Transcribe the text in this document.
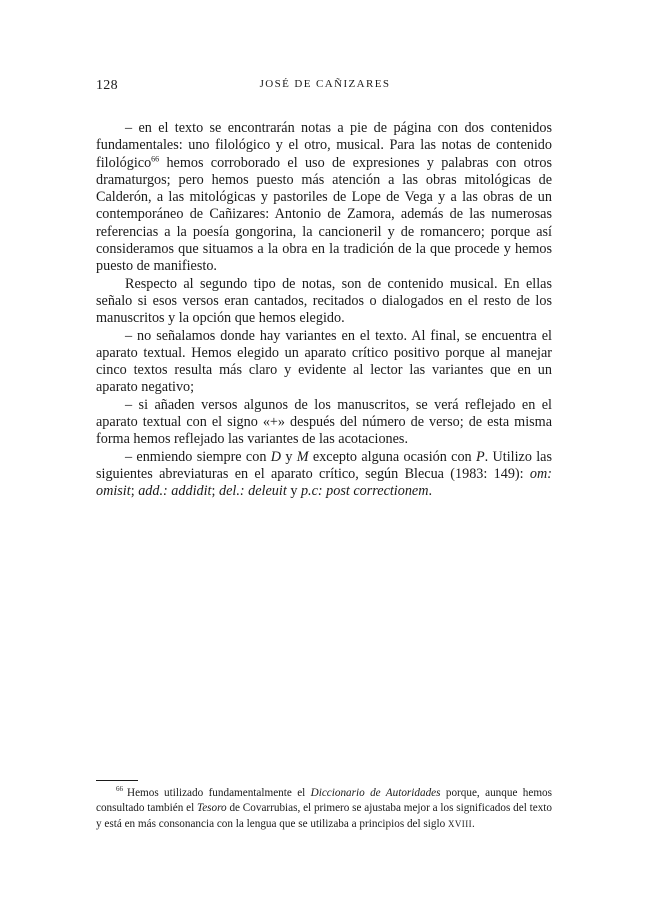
128	JOSÉ DE CAÑIZARES

– en el texto se encontrarán notas a pie de página con dos contenidos fundamentales: uno filológico y el otro, musical. Para las notas de contenido filológico$^{66}$ hemos corroborado el uso de expresiones y palabras con otros dramaturgos; pero hemos puesto más atención a las obras mitológicas de Calderón, a las mitológicas y pastoriles de Lope de Vega y a las obras de un contemporáneo de Cañizares: Antonio de Zamora, además de las numerosas referencias a la poesía gongorina, la cancioneril y de romancero; porque así consideramos que situamos a la obra en la tradición de la que procede y hemos puesto de manifiesto.

Respecto al segundo tipo de notas, son de contenido musical. En ellas señalo si esos versos eran cantados, recitados o dialogados en el resto de los manuscritos y la opción que hemos elegido.

– no señalamos donde hay variantes en el texto. Al final, se encuentra el aparato textual. Hemos elegido un aparato crítico positivo porque al manejar cinco textos resulta más claro y evidente al lector las variantes que en un aparato negativo;

– si añaden versos algunos de los manuscritos, se verá reflejado en el aparato textual con el signo «+» después del número de verso; de esta misma forma hemos reflejado las variantes de las acotaciones.

– enmiendo siempre con D y M excepto alguna ocasión con P. Utilizo las siguientes abreviaturas en el aparato crítico, según Blecua (1983: 149): om: omisit; add.: addidit; del.: deleuit y p.c: post correctionem.

$^{66}$ Hemos utilizado fundamentalmente el Diccionario de Autoridades porque, aunque hemos consultado también el Tesoro de Covarrubias, el primero se ajustaba mejor a los significados del texto y está en más consonancia con la lengua que se utilizaba a principios del siglo XVIII.
